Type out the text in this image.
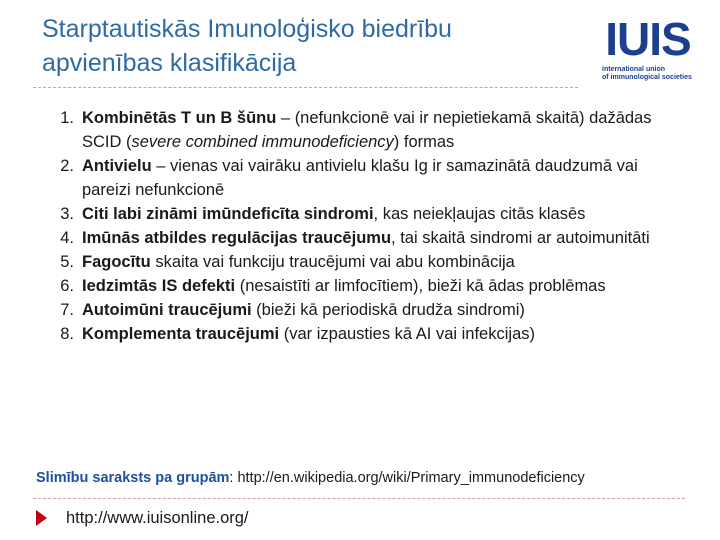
Starptautiskās Imunoloģisko biedrību
apvienības klasifikācija	IUIS
international union
of immunological societies
1. Kombinētās T un B šūnu – (nefunkcionē vai ir nepietiekamā skaitā) dažādas SCID (severe combined immunodeficiency) formas
2. Antivielu – vienas vai vairāku antivielu klašu Ig ir samazinātā daudzumā vai pareizi nefunkcionē
3. Citi labi zināmi imūndeficīta sindromi, kas neiekļaujas citās klasēs
4. Imūnās atbildes regulācijas traucējumu, tai skaitā sindromi ar autoimunitāti
5. Fagocītu skaita vai funkciju traucējumi vai abu kombinācija
6. Iedzimtās IS defekti (nesaistīti ar limfocītiem), bieži kā ādas problēmas
7. Autoimūni traucējumi (bieži kā periodiskā drudža sindromi)
8. Komplementa traucējumi (var izpausties kā AI vai infekcijas)
Slimību saraksts pa grupām: http://en.wikipedia.org/wiki/Primary_immunodeficiency
http://www.iuisonline.org/
